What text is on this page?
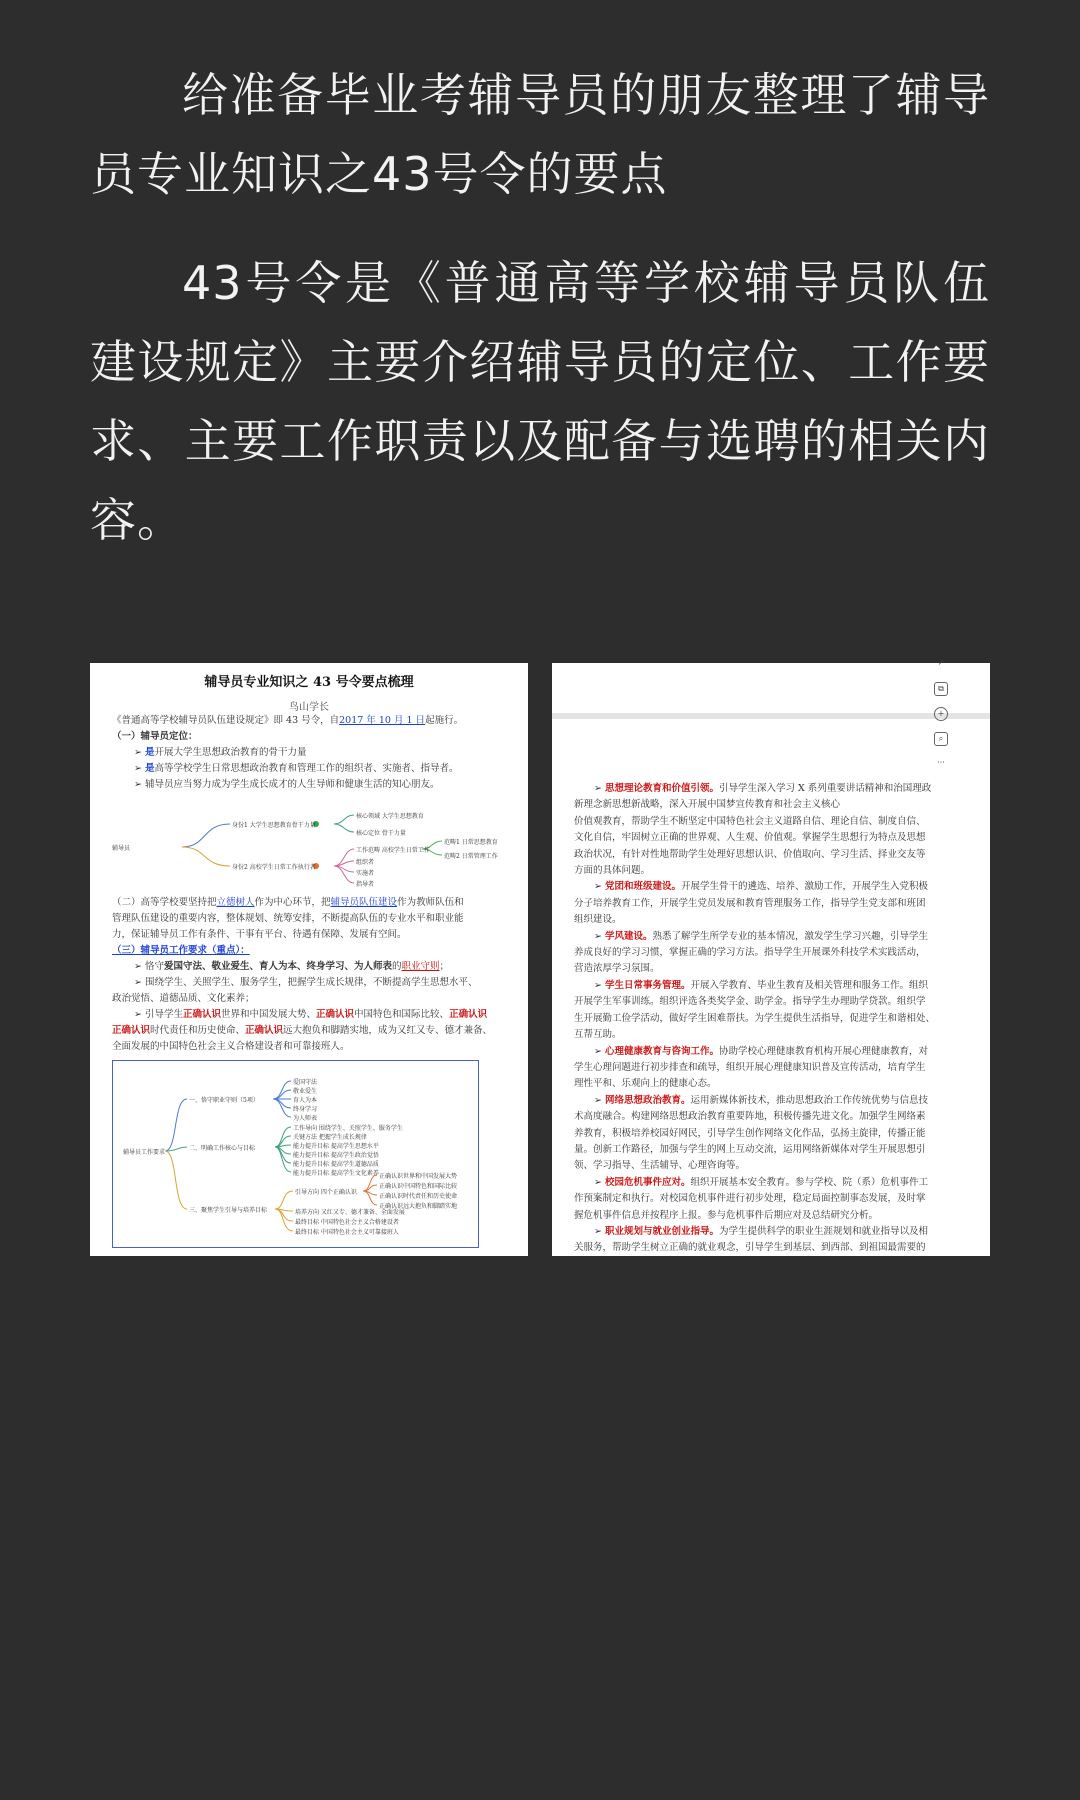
给准备毕业考辅导员的朋友整理了辅导员专业知识之43号令的要点

43号令是《普通高等学校辅导员队伍建设规定》主要介绍辅导员的定位、工作要求、主要工作职责以及配备与选聘的相关内容。

辅导员专业知识之 43 号令要点梳理
鸟山学长
《普通高等学校辅导员队伍建设规定》即 43 号令，自2017 年 10 月 1 日起施行。
（一）辅导员定位：
➢ 是开展大学生思想政治教育的骨干力量
➢ 是高等学校学生日常思想政治教育和管理工作的组织者、实施者、指导者。
➢ 辅导员应当努力成为学生成长成才的人生导师和健康生活的知心朋友。
辅导员
身份1 大学生思想教育骨干力量
身份2 高校学生日常工作执行者
核心领域 大学生思想教育
核心定位 骨干力量
工作范畴 高校学生日常工作
组织者
实施者
指导者
范畴1 日常思想教育
范畴2 日常管理工作
（二）高等学校要坚持把立德树人作为中心环节，把辅导员队伍建设作为教师队伍和
管理队伍建设的重要内容，整体规划、统筹安排，不断提高队伍的专业水平和职业能
力，保证辅导员工作有条件、干事有平台、待遇有保障、发展有空间。
（三）辅导员工作要求（重点）：
➢ 恪守爱国守法、敬业爱生、育人为本、终身学习、为人师表的职业守则；
➢ 围绕学生、关照学生、服务学生，把握学生成长规律，不断提高学生思想水平、
政治觉悟、道德品质、文化素养；
➢ 引导学生正确认识世界和中国发展大势、正确认识中国特色和国际比较、正确认识
正确认识时代责任和历史使命、正确认识远大抱负和脚踏实地，成为又红又专、德才兼备、
全面发展的中国特色社会主义合格建设者和可靠接班人。
辅导员工作要求
一、恪守职业守则（5项）
爱国守法
敬业爱生
育人为本
终身学习
为人师表
二、明确工作核心与目标
工作导向 围绕学生、关照学生、服务学生
关键方法 把握学生成长规律
能力提升目标 提高学生思想水平
能力提升目标 提高学生政治觉悟
能力提升目标 提高学生道德品质
能力提升目标 提高学生文化素养
三、聚焦学生引导与培养目标
引导方向 四个正确认识
正确认识世界和中国发展大势
正确认识中国特色和国际比较
正确认识时代责任和历史使命
正确认识远大抱负和脚踏实地
培养方向 又红又专、德才兼备、全面发展
最终目标 中国特色社会主义合格建设者
最终目标 中国特色社会主义可靠接班人
↗
⧉
+
⌕
···
➢ 思想理论教育和价值引领。引导学生深入学习 X 系列重要讲话精神和治国理政
新理念新思想新战略，深入开展中国梦宣传教育和社会主义核心
价值观教育，帮助学生不断坚定中国特色社会主义道路自信、理论自信、制度自信、
文化自信，牢固树立正确的世界观、人生观、价值观。掌握学生思想行为特点及思想
政治状况，有针对性地帮助学生处理好思想认识、价值取向、学习生活、择业交友等
方面的具体问题。
➢ 党团和班级建设。开展学生骨干的遴选、培养、激励工作，开展学生入党积极
分子培养教育工作，开展学生党员发展和教育管理服务工作，指导学生党支部和班团
组织建设。
➢ 学风建设。熟悉了解学生所学专业的基本情况，激发学生学习兴趣，引导学生
养成良好的学习习惯，掌握正确的学习方法。指导学生开展课外科技学术实践活动，
营造浓厚学习氛围。
➢ 学生日常事务管理。开展入学教育、毕业生教育及相关管理和服务工作。组织
开展学生军事训练。组织评选各类奖学金、助学金。指导学生办理助学贷款。组织学
生开展勤工俭学活动，做好学生困难帮扶。为学生提供生活指导，促进学生和谐相处、
互帮互助。
➢ 心理健康教育与咨询工作。协助学校心理健康教育机构开展心理健康教育，对
学生心理问题进行初步排查和疏导，组织开展心理健康知识普及宣传活动，培育学生
理性平和、乐观向上的健康心态。
➢ 网络思想政治教育。运用新媒体新技术，推动思想政治工作传统优势与信息技
术高度融合。构建网络思想政治教育重要阵地，积极传播先进文化。加强学生网络素
养教育，积极培养校园好网民，引导学生创作网络文化作品，弘扬主旋律，传播正能
量。创新工作路径，加强与学生的网上互动交流，运用网络新媒体对学生开展思想引
领、学习指导、生活辅导、心理咨询等。
➢ 校园危机事件应对。组织开展基本安全教育。参与学校、院（系）危机事件工
作预案制定和执行。对校园危机事件进行初步处理，稳定局面控制事态发展，及时掌
握危机事件信息并按程序上报。参与危机事件后期应对及总结研究分析。
➢ 职业规划与就业创业指导。为学生提供科学的职业生涯规划和就业指导以及相
关服务，帮助学生树立正确的就业观念，引导学生到基层、到西部、到祖国最需要的
